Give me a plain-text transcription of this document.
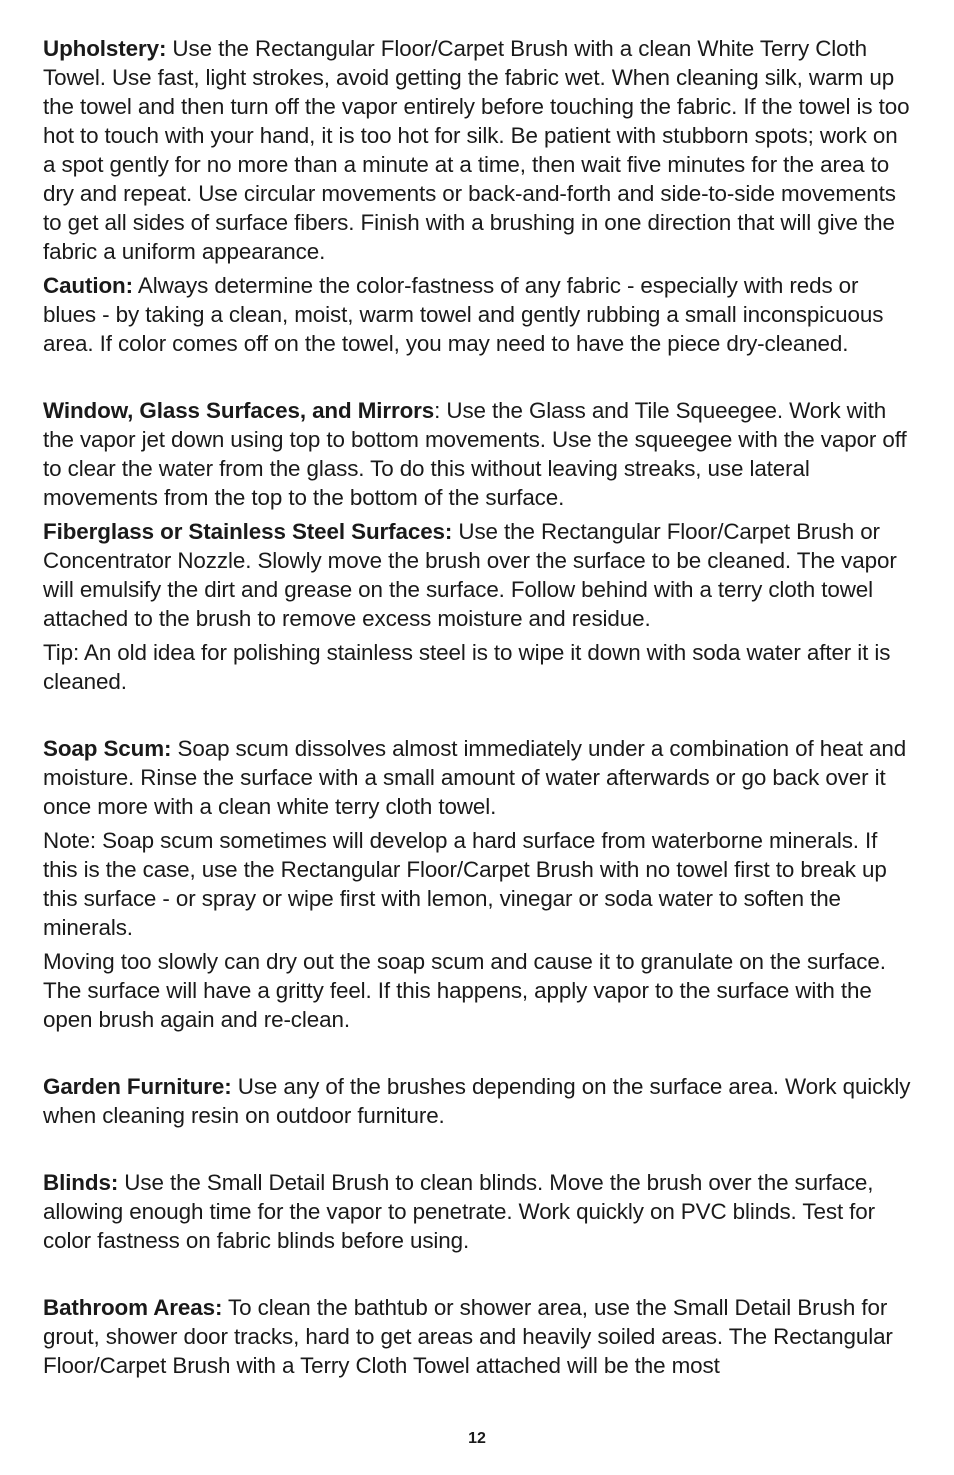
Upholstery: Use the Rectangular Floor/Carpet Brush with a clean White Terry Cloth Towel. Use fast, light strokes, avoid getting the fabric wet. When cleaning silk, warm up the towel and then turn off the vapor entirely before touching the fabric. If the towel is too hot to touch with your hand, it is too hot for silk. Be patient with stubborn spots; work on a spot gently for no more than a minute at a time, then wait five minutes for the area to dry and repeat. Use circular movements or back-and-forth and side-to-side movements to get all sides of surface fibers. Finish with a brushing in one direction that will give the fabric a uniform appearance.

Caution: Always determine the color-fastness of any fabric - especially with reds or blues - by taking a clean, moist, warm towel and gently rubbing a small inconspicuous area. If color comes off on the towel, you may need to have the piece dry-cleaned.

Window, Glass Surfaces, and Mirrors: Use the Glass and Tile Squeegee. Work with the vapor jet down using top to bottom movements. Use the squeegee with the vapor off to clear the water from the glass. To do this without leaving streaks, use lateral movements from the top to the bottom of the surface.

Fiberglass or Stainless Steel Surfaces: Use the Rectangular Floor/Carpet Brush or Concentrator Nozzle. Slowly move the brush over the surface to be cleaned. The vapor will emulsify the dirt and grease on the surface. Follow behind with a terry cloth towel attached to the brush to remove excess moisture and residue.

Tip: An old idea for polishing stainless steel is to wipe it down with soda water after it is cleaned.

Soap Scum: Soap scum dissolves almost immediately under a combination of heat and moisture. Rinse the surface with a small amount of water afterwards or go back over it once more with a clean white terry cloth towel.

Note: Soap scum sometimes will develop a hard surface from waterborne minerals. If this is the case, use the Rectangular Floor/Carpet Brush with no towel first to break up this surface - or spray or wipe first with lemon, vinegar or soda water to soften the minerals.

Moving too slowly can dry out the soap scum and cause it to granulate on the surface. The surface will have a gritty feel. If this happens, apply vapor to the surface with the open brush again and re-clean.

Garden Furniture: Use any of the brushes depending on the surface area. Work quickly when cleaning resin on outdoor furniture.

Blinds: Use the Small Detail Brush to clean blinds. Move the brush over the surface, allowing enough time for the vapor to penetrate. Work quickly on PVC blinds. Test for color fastness on fabric blinds before using.

Bathroom Areas: To clean the bathtub or shower area, use the Small Detail Brush for grout, shower door tracks, hard to get areas and heavily soiled areas. The Rectangular Floor/Carpet Brush with a Terry Cloth Towel attached will be the most

12
